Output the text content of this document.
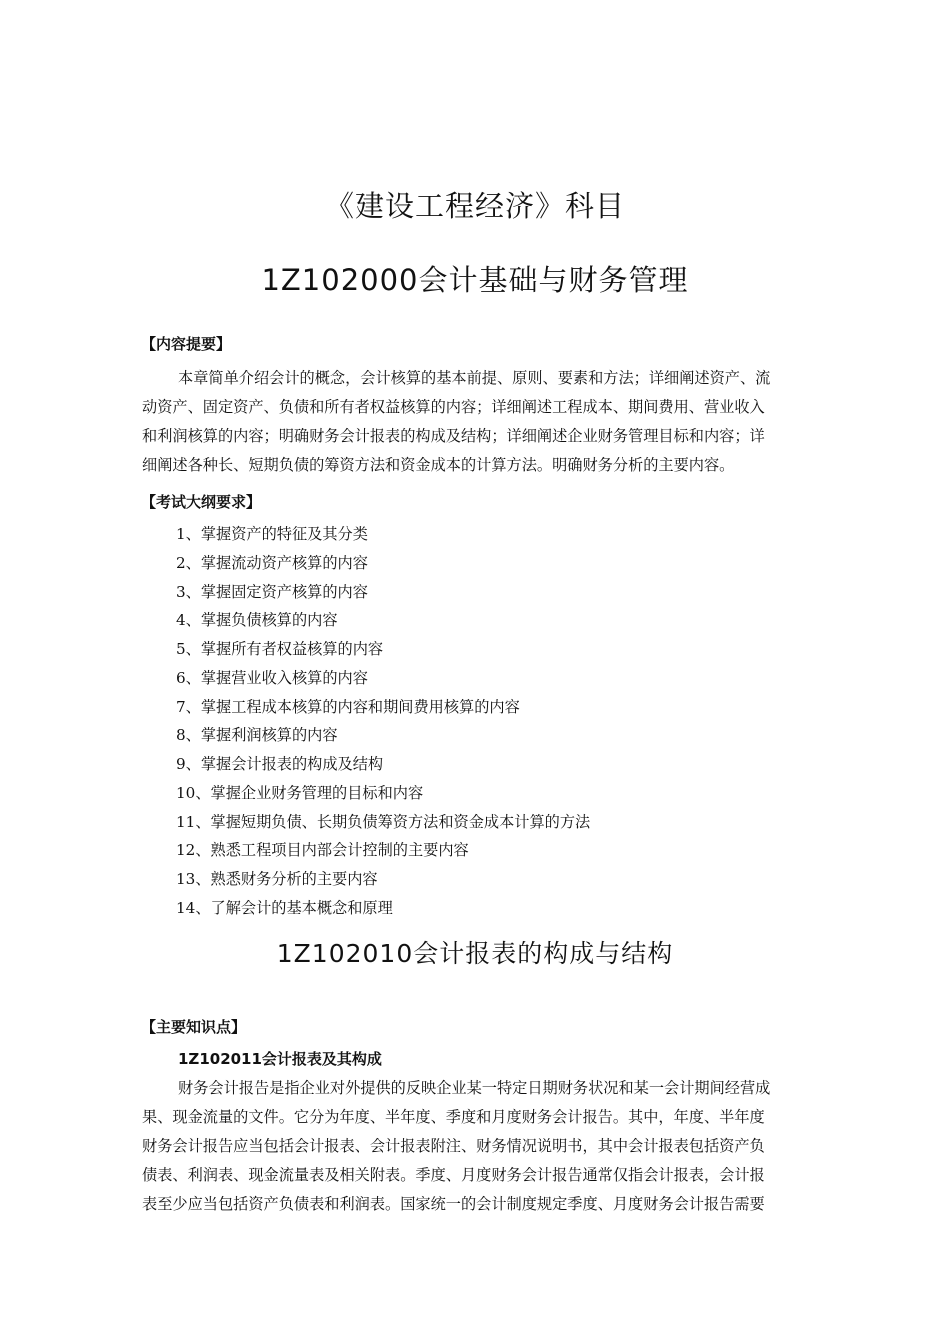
《建设工程经济》科目
1Z102000会计基础与财务管理
【内容提要】
本章简单介绍会计的概念，会计核算的基本前提、原则、要素和方法；详细阐述资产、流
动资产、固定资产、负债和所有者权益核算的内容；详细阐述工程成本、期间费用、营业收入
和利润核算的内容；明确财务会计报表的构成及结构；详细阐述企业财务管理目标和内容；详
细阐述各种长、短期负债的筹资方法和资金成本的计算方法。明确财务分析的主要内容。
【考试大纲要求】
1、掌握资产的特征及其分类
2、掌握流动资产核算的内容
3、掌握固定资产核算的内容
4、掌握负债核算的内容
5、掌握所有者权益核算的内容
6、掌握营业收入核算的内容
7、掌握工程成本核算的内容和期间费用核算的内容
8、掌握利润核算的内容
9、掌握会计报表的构成及结构
10、掌握企业财务管理的目标和内容
11、掌握短期负债、长期负债筹资方法和资金成本计算的方法
12、熟悉工程项目内部会计控制的主要内容
13、熟悉财务分析的主要内容
14、了解会计的基本概念和原理
1Z102010会计报表的构成与结构
【主要知识点】
1Z102011会计报表及其构成
财务会计报告是指企业对外提供的反映企业某一特定日期财务状况和某一会计期间经营成
果、现金流量的文件。它分为年度、半年度、季度和月度财务会计报告。其中，年度、半年度
财务会计报告应当包括会计报表、会计报表附注、财务情况说明书，其中会计报表包括资产负
债表、利润表、现金流量表及相关附表。季度、月度财务会计报告通常仅指会计报表，会计报
表至少应当包括资产负债表和利润表。国家统一的会计制度规定季度、月度财务会计报告需要
